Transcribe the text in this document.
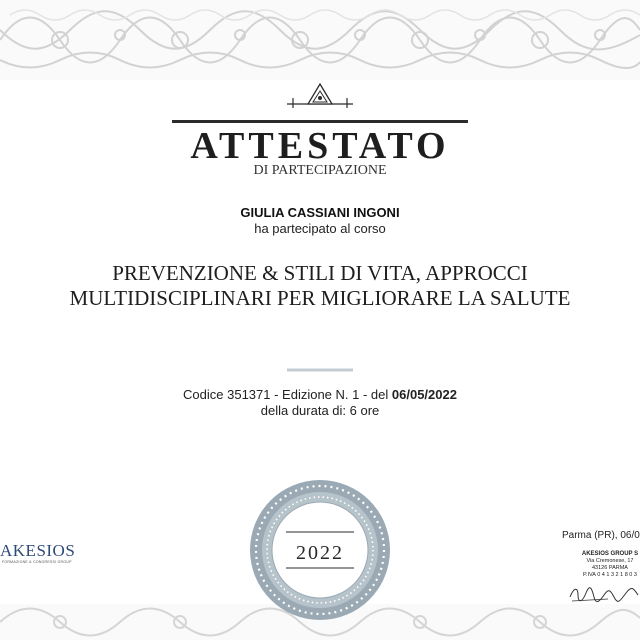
ATTESTATO
DI PARTECIPAZIONE
GIULIA CASSIANI INGONI
ha partecipato al corso
PREVENZIONE & STILI DI VITA, APPROCCI
MULTIDISCIPLINARI PER MIGLIORARE LA SALUTE
Codice 351371 - Edizione N. 1 - del 06/05/2022
della durata di: 6 ore
2022
AKESIOS
FORMAZIONE & CONGRESSI GROUP
Parma (PR), 06/0
AKESIOS GROUP S
Via Cremonese, 17
43126 PARMA
P.IVA 0 4 1 3 2 1 8 0 3
